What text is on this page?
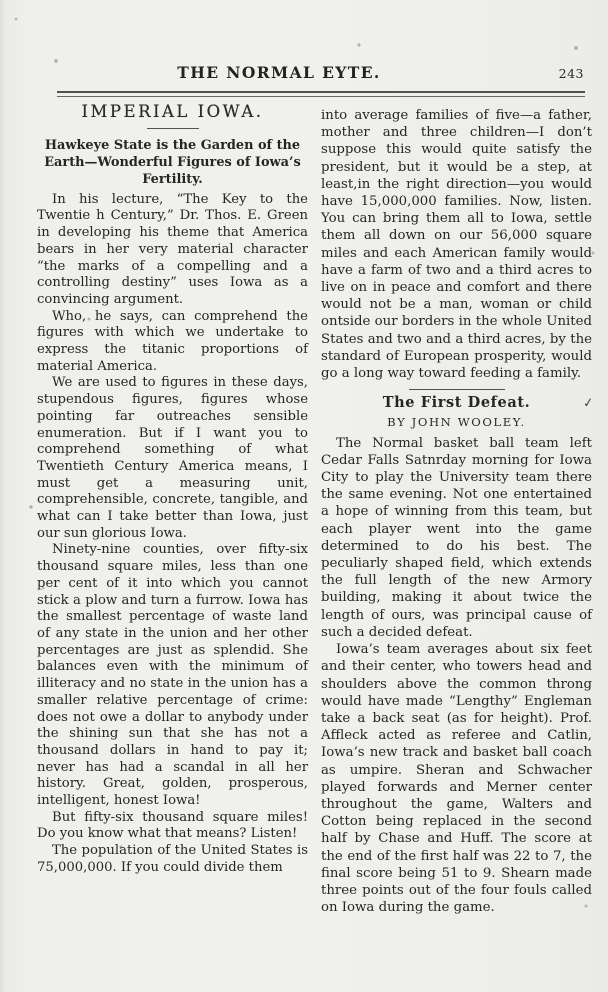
THE NORMAL EYTE.	243
IMPERIAL IOWA.
Hawkeye State is the Garden of the Earth—Wonderful Figures of Iowa’s Fertility.

In his lecture, “The Key to the Twentie h Century,” Dr. Thos. E. Green in developing his theme that America bears in her very material character “the marks of a compelling and a controlling destiny” uses Iowa as a convincing argument.

Who, he says, can comprehend the figures with which we undertake to express the titanic proportions of material America.

We are used to figures in these days, stupendous figures, figures whose pointing far outreaches sensible enumeration. But if I want you to comprehend something of what Twentieth Century America means, I must get a measuring unit, comprehensible, concrete, tangible, and what can I take better than Iowa, just our sun glorious Iowa.

Ninety-nine counties, over fifty-six thousand square miles, less than one per cent of it into which you cannot stick a plow and turn a furrow. Iowa has the smallest percentage of waste land of any state in the union and her other percentages are just as splendid. She balances even with the minimum of illiteracy and no state in the union has a smaller relative percentage of crime: does not owe a dollar to anybody under the shining sun that she has not a thousand dollars in hand to pay it; never has had a scandal in all her history. Great, golden, prosperous, intelligent, honest Iowa!

But fifty-six thousand square miles! Do you know what that means? Listen!

The population of the United States is 75,000,000. If you could divide them

into average families of five—a father, mother and three children—I don’t suppose this would quite satisfy the president, but it would be a step, at least,in the right direction—you would have 15,000,000 families. Now, listen. You can bring them all to Iowa, settle them all down on our 56,000 square miles and each American family would have a farm of two and a third acres to live on in peace and comfort and there would not be a man, woman or child ontside our borders in the whole United States and two and a third acres, by the standard of European prosperity, would go a long way toward feeding a family.

The First Defeat.	✓
BY JOHN WOOLEY.

The Normal basket ball team left Cedar Falls Satnrday morning for Iowa City to play the University team there the same evening. Not one entertained a hope of winning from this team, but each player went into the game determined to do his best. The peculiarly shaped field, which extends the full length of the new Armory building, making it about twice the length of ours, was principal cause of such a decided defeat.

Iowa’s team averages about six feet and their center, who towers head and shoulders above the common throng would have made “Lengthy” Engleman take a back seat (as for height). Prof. Affleck acted as referee and Catlin, Iowa’s new track and basket ball coach as umpire. Sheran and Schwacher played forwards and Merner center throughout the game, Walters and Cotton being replaced in the second half by Chase and Huff. The score at the end of the first half was 22 to 7, the final score being 51 to 9. Shearn made three points out of the four fouls called on Iowa during the game.
